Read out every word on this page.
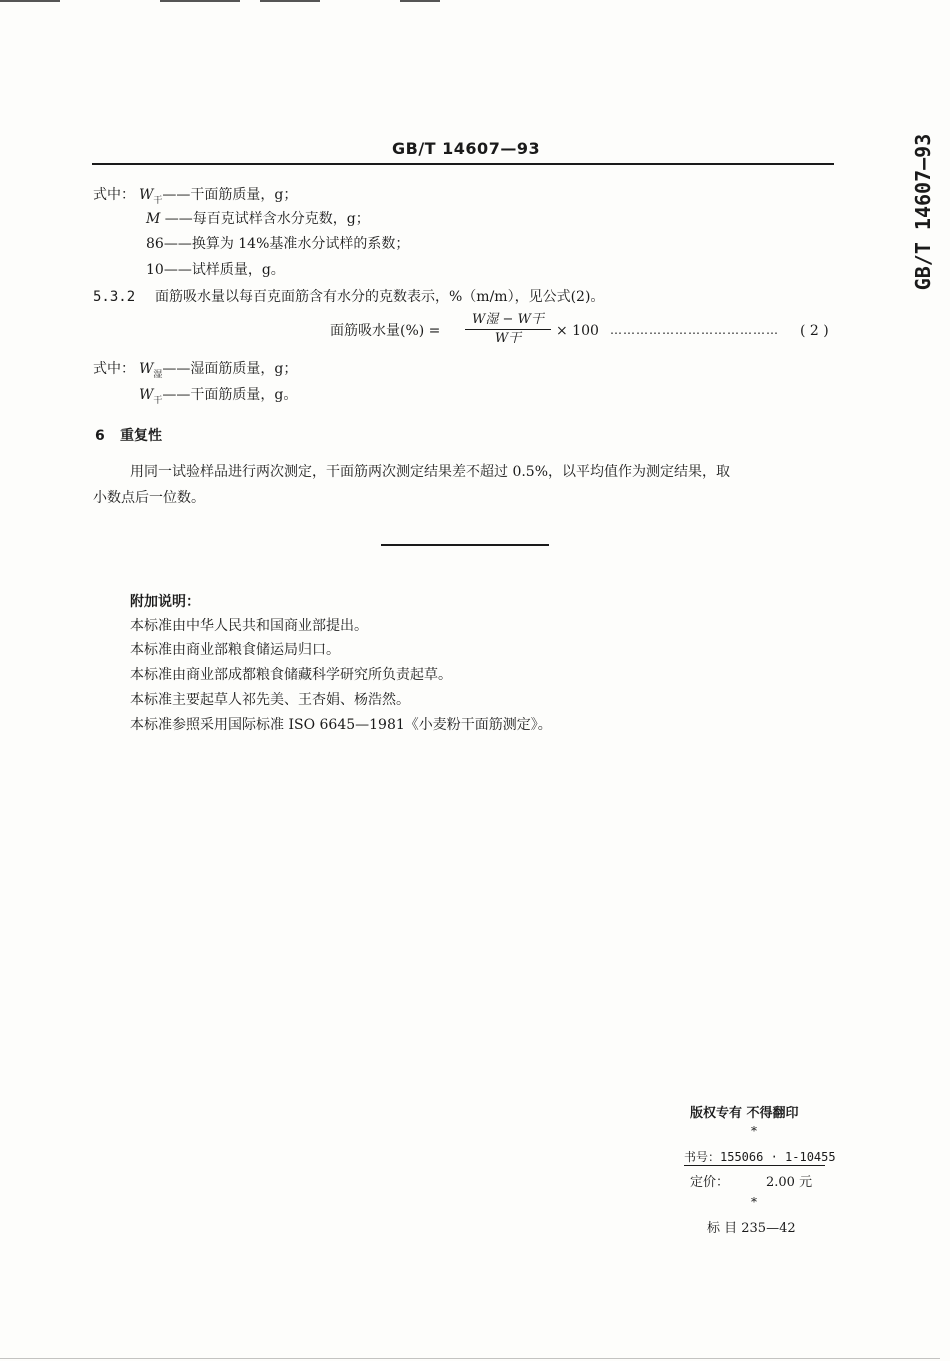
GB/T 14607—93	GB/T 14607—93
式中： $W_干——$干面筋质量，g；
M ——每百克试样含水分克数，g；
86——换算为 14%基准水分试样的系数；
10——试样质量，g。
5.3.2 面筋吸水量以每百克面筋含有水分的克数表示，%（m/m），见公式(2)。
面筋吸水量(%) =
W湿 − W干
W干	× 100 …………………………………	( 2 )
式中： $W_湿——$湿面筋质量，g；
$W_干——$干面筋质量，g。
6 重复性
用同一试验样品进行两次测定，干面筋两次测定结果差不超过 0.5%，以平均值作为测定结果，取
小数点后一位数。
附加说明：
本标准由中华人民共和国商业部提出。
本标准由商业部粮食储运局归口。
本标准由商业部成都粮食储藏科学研究所负责起草。
本标准主要起草人祁先美、王杏娟、杨浩然。
本标准参照采用国际标准 ISO 6645—1981《小麦粉干面筋测定》。
版权专有 不得翻印
*
书号：155066 · 1-10455
定价：	2.00 元
*
标 目 235—42
